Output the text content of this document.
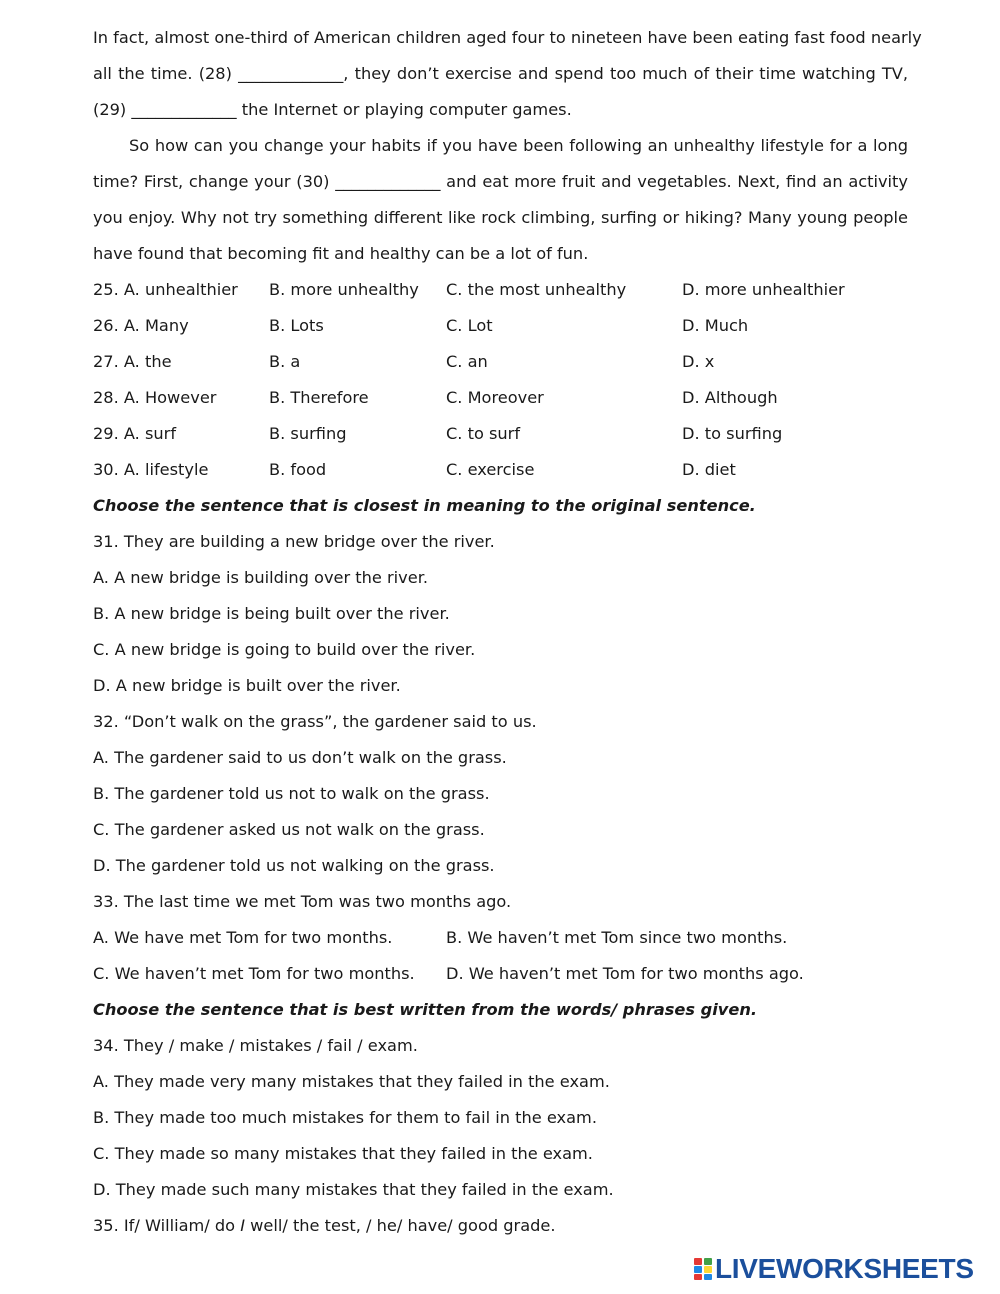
In fact, almost one-third of American children aged four to nineteen have been eating fast food nearly
all the time. (28) _____________, they don’t exercise and spend too much of their time watching TV,
(29) _____________ the Internet or playing computer games.
So how can you change your habits if you have been following an unhealthy lifestyle for a long
time? First, change your (30) _____________ and eat more fruit and vegetables. Next, find an activity
you enjoy. Why not try something different like rock climbing, surfing or hiking? Many young people
have found that becoming fit and healthy can be a lot of fun.
25. A. unhealthier	B. more unhealthy	C. the most unhealthy	D. more unhealthier
26. A. Many	B. Lots	C. Lot	D. Much
27. A. the	B. a	C. an	D. x
28. A. However	B. Therefore	C. Moreover	D. Although
29. A. surf	B. surfing	C. to surf	D. to surfing
30. A. lifestyle	B. food	C. exercise	D. diet
Choose the sentence that is closest in meaning to the original sentence.
31. They are building a new bridge over the river.
A. A new bridge is building over the river.
B. A new bridge is being built over the river.
C. A new bridge is going to build over the river.
D. A new bridge is built over the river.
32. “Don’t walk on the grass”, the gardener said to us.
A. The gardener said to us don’t walk on the grass.
B. The gardener told us not to walk on the grass.
C. The gardener asked us not walk on the grass.
D. The gardener told us not walking on the grass.
33. The last time we met Tom was two months ago.
A. We have met Tom for two months.	B. We haven’t met Tom since two months.
C. We haven’t met Tom for two months.	D. We haven’t met Tom for two months ago.
Choose the sentence that is best written from the words/ phrases given.
34. They / make / mistakes / fail / exam.
A. They made very many mistakes that they failed in the exam.
B. They made too much mistakes for them to fail in the exam.
C. They made so many mistakes that they failed in the exam.
D. They made such many mistakes that they failed in the exam.
35. If/ William/ do I well/ the test, / he/ have/ good grade.
LIVEWORKSHEETS
